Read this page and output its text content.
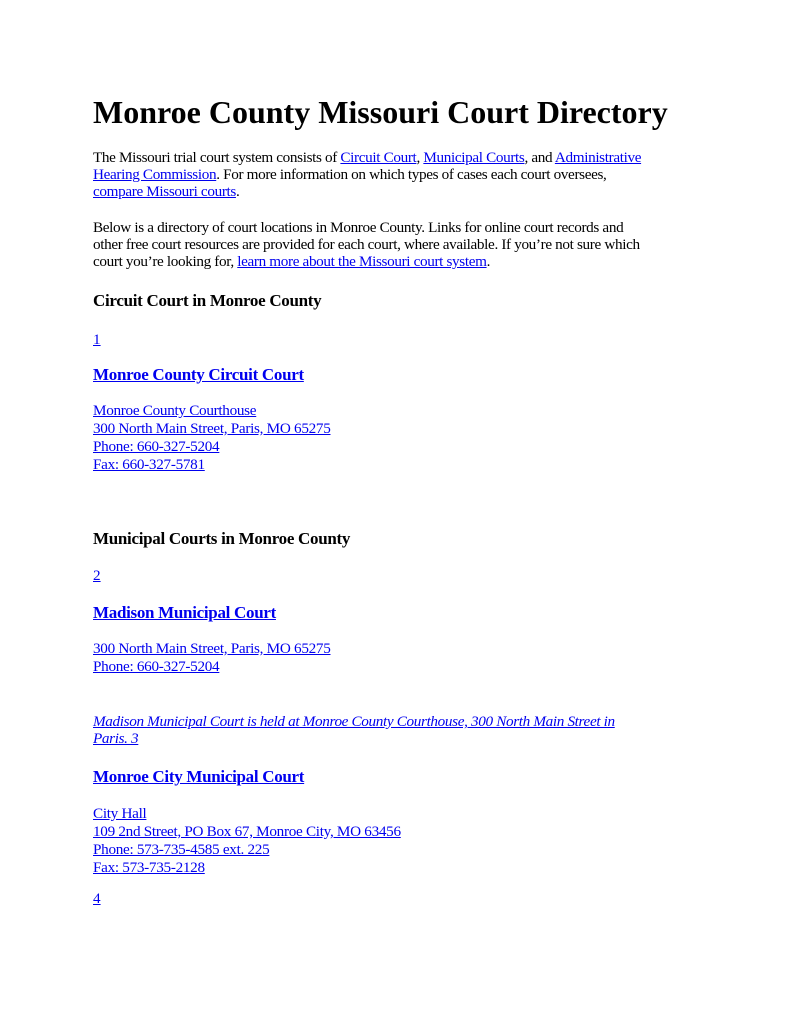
Monroe County Missouri Court Directory

The Missouri trial court system consists of Circuit Court, Municipal Courts, and Administrative
Hearing Commission. For more information on which types of cases each court oversees,
compare Missouri courts.

Below is a directory of court locations in Monroe County. Links for online court records and
other free court resources are provided for each court, where available. If you’re not sure which
court you’re looking for, learn more about the Missouri court system.

Circuit Court in Monroe County
1
Monroe County Circuit Court
Monroe County Courthouse
300 North Main Street, Paris, MO 65275
Phone: 660-327-5204
Fax: 660-327-5781
Municipal Courts in Monroe County
2
Madison Municipal Court
300 North Main Street, Paris, MO 65275
Phone: 660-327-5204

Madison Municipal Court is held at Monroe County Courthouse, 300 North Main Street in
Paris. 3

Monroe City Municipal Court
City Hall
109 2nd Street, PO Box 67, Monroe City, MO 63456
Phone: 573-735-4585 ext. 225
Fax: 573-735-2128
4
